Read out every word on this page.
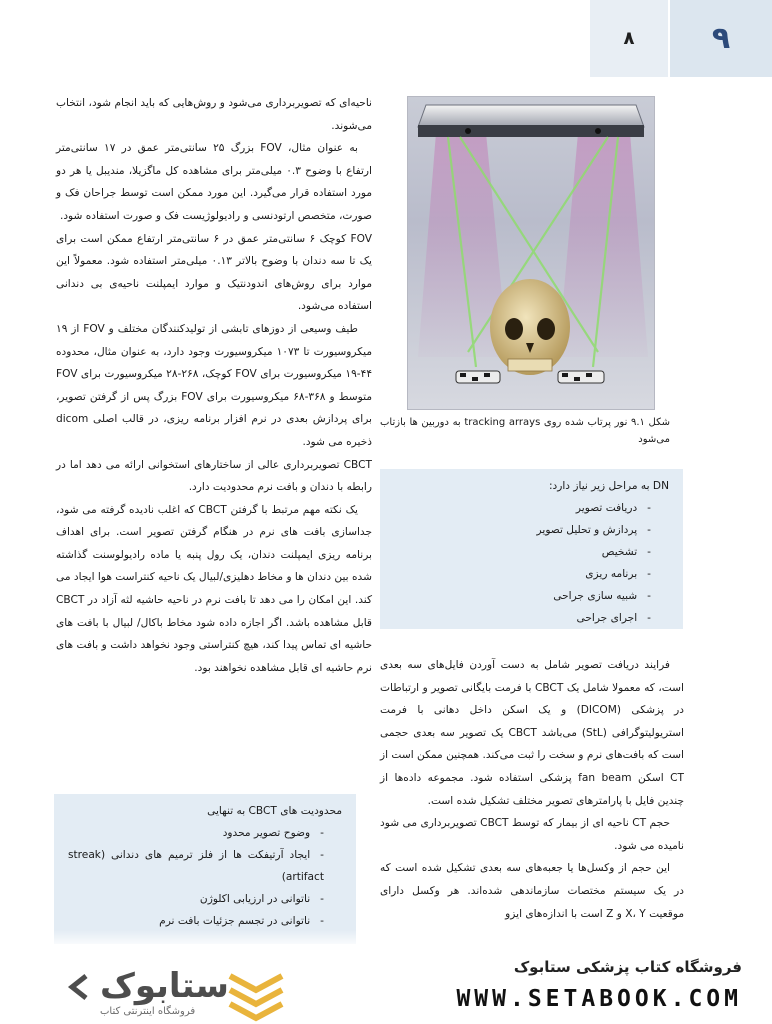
۹
۸

ناحیه‌ای که تصویربرداری می‌شود و روش‌هایی که باید انجام شود، انتخاب می‌شوند.

به عنوان مثال، FOV بزرگ ۲۵ سانتی‌متر عمق در ۱۷ سانتی‌متر ارتفاع با وضوح ۰.۳ میلی‌متر برای مشاهده کل ماگزیلا، مندیبل یا هر دو مورد استفاده قرار می‌گیرد. این مورد ممکن است توسط جراحان فک و صورت، متخصص ارتودنسی و رادیولوژیست فک و صورت استفاده شود.

FOV کوچک ۶ سانتی‌متر عمق در ۶ سانتی‌متر ارتفاع ممکن است برای یک تا سه دندان با وضوح بالاتر ۰.۱۳ میلی‌متر استفاده شود. معمولاً این موارد برای روش‌های اندودنتیک و موارد ایمپلنت ناحیه‌ی بی دندانی استفاده می‌شود.

طیف وسیعی از دوزهای تابشی از تولیدکنندگان مختلف و FOV از ۱۹ میکروسیورت تا ۱۰۷۳ میکروسیورت وجود دارد، به عنوان مثال، محدوده ۴۴-۱۹ میکروسیورت برای FOV کوچک، ۲۶۸-۲۸ میکروسیورت برای FOV متوسط و ۳۶۸-۶۸ میکروسیورت برای FOV بزرگ پس از گرفتن تصویر، برای پردازش بعدی در نرم افزار برنامه ریزی، در قالب اصلی dicom ذخیره می شود.

CBCT تصویربرداری عالی از ساختارهای استخوانی ارائه می دهد اما در رابطه با دندان و بافت نرم محدودیت دارد.

یک نکته مهم مرتبط با گرفتن CBCT که اغلب نادیده گرفته می شود، جداسازی بافت های نرم در هنگام گرفتن تصویر است. برای اهداف برنامه ریزی ایمپلنت دندان، یک رول پنبه یا ماده رادیولوسنت گذاشته شده بین دندان ها و مخاط دهلیزی/لبیال یک ناحیه کنتراست هوا ایجاد می کند. این امکان را می دهد تا بافت نرم در ناحیه حاشیه لثه آزاد در CBCT قابل مشاهده باشد. اگر اجازه داده شود مخاط باکال/ لبیال با بافت های حاشیه ای تماس پیدا کند، هیچ کنتراستی وجود نخواهد داشت و بافت های نرم حاشیه ای قابل مشاهده نخواهند بود.

شکل ۹.۱ نور پرتاب شده روی tracking arrays به دوربین ها بازتاب می‌شود
DN به مراحل زیر نیاز دارد:
- دریافت تصویر
- پردازش و تحلیل تصویر
- تشخیص
- برنامه ریزی
- شبیه سازی جراحی
- اجرای جراحی

فرایند دریافت تصویر شامل به دست آوردن فایل‌های سه بعدی است، که معمولا شامل یک CBCT با فرمت بایگانی تصویر و ارتباطات در پزشکی (DICOM) و یک اسکن داخل دهانی با فرمت استریولیتوگرافی (StL) می‌باشد CBCT یک تصویر سه بعدی حجمی است که بافت‌های نرم و سخت را ثبت می‌کند. همچنین ممکن است از CT اسکن fan beam پزشکی استفاده شود. مجموعه داده‌ها از چندین فایل با پارامترهای تصویر مختلف تشکیل شده است.

حجم CT ناحیه ای از بیمار که توسط CBCT تصویربرداری می شود نامیده می شود.

این حجم از وکسل‌ها یا جعبه‌های سه بعدی تشکیل شده است که در یک سیستم مختصات سازماندهی شده‌اند. هر وکسل دارای موقعیت X، Y و Z است با اندازه‌های ایزو

محدودیت های CBCT به تنهایی
- وضوح تصویر محدود
- ایجاد آرتیفکت ها از فلز ترمیم های دندانی (streak artifact)
- ناتوانی در ارزیابی اکلوژن
- ناتوانی در تجسم جزئیات بافت نرم
فروشگاه کتاب پزشکی ستابوک
WWW.SETABOOK.COM
ستابوک
فروشگاه اینترنتی کتاب
